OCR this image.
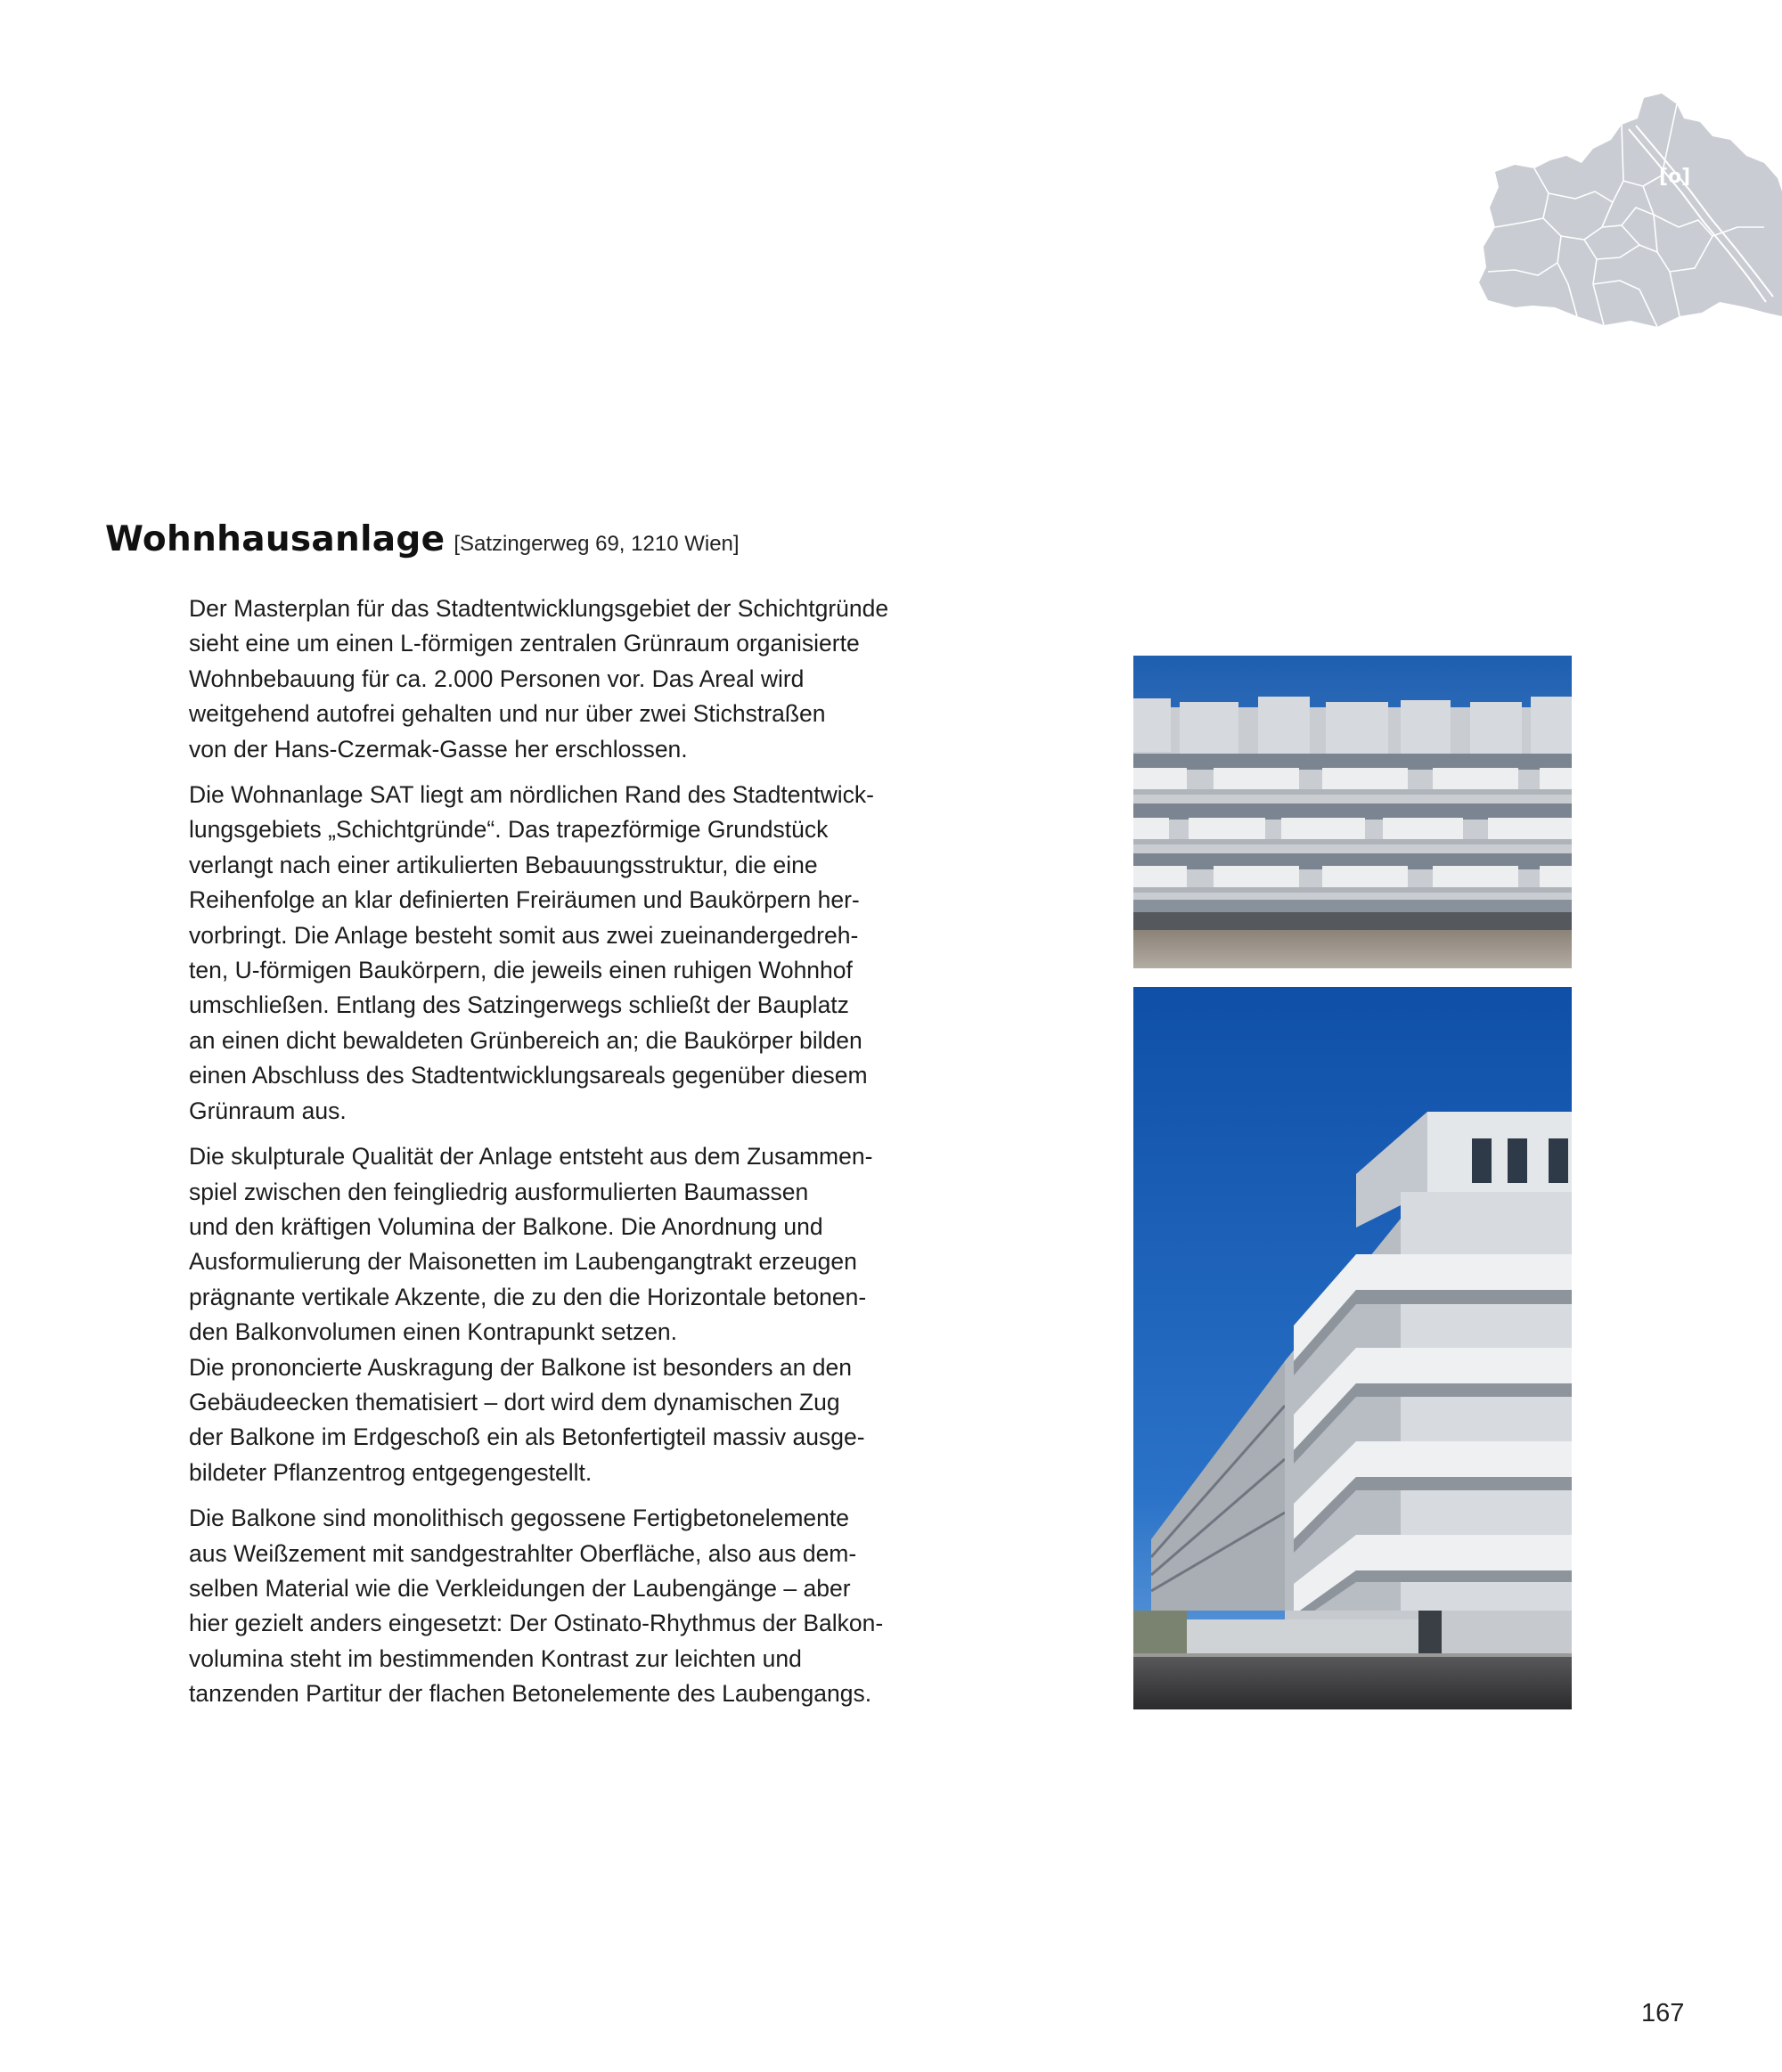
[o]
Wohnhausanlage [Satzingerweg 69, 1210 Wien]

Der Masterplan für das Stadtentwicklungsgebiet der Schichtgründe
sieht eine um einen L-förmigen zentralen Grünraum organisierte
Wohnbebauung für ca. 2.000 Personen vor. Das Areal wird
weitgehend autofrei gehalten und nur über zwei Stichstraßen
von der Hans-Czermak-Gasse her erschlossen.

Die Wohnanlage SAT liegt am nördlichen Rand des Stadtentwick-
lungsgebiets „Schichtgründe“. Das trapezförmige Grundstück
verlangt nach einer artikulierten Bebauungsstruktur, die eine
Reihenfolge an klar definierten Freiräumen und Baukörpern her-
vorbringt. Die Anlage besteht somit aus zwei zueinandergedreh-
ten, U-förmigen Baukörpern, die jeweils einen ruhigen Wohnhof
umschließen. Entlang des Satzingerwegs schließt der Bauplatz
an einen dicht bewaldeten Grünbereich an; die Baukörper bilden
einen Abschluss des Stadtentwicklungsareals gegenüber diesem
Grünraum aus.

Die skulpturale Qualität der Anlage entsteht aus dem Zusammen-
spiel zwischen den feingliedrig ausformulierten Baumassen
und den kräftigen Volumina der Balkone. Die Anordnung und
Ausformulierung der Maisonetten im Laubengangtrakt erzeugen
prägnante vertikale Akzente, die zu den die Horizontale betonen-
den Balkonvolumen einen Kontrapunkt setzen.
Die prononcierte Auskragung der Balkone ist besonders an den
Gebäudeecken thematisiert – dort wird dem dynamischen Zug
der Balkone im Erdgeschoß ein als Betonfertigteil massiv ausge-
bildeter Pflanzentrog entgegengestellt.

Die Balkone sind monolithisch gegossene Fertigbetonelemente
aus Weißzement mit sandgestrahlter Oberfläche, also aus dem-
selben Material wie die Verkleidungen der Laubengänge – aber
hier gezielt anders eingesetzt: Der Ostinato-Rhythmus der Balkon-
volumina steht im bestimmenden Kontrast zur leichten und
tanzenden Partitur der flachen Betonelemente des Laubengangs.

167
